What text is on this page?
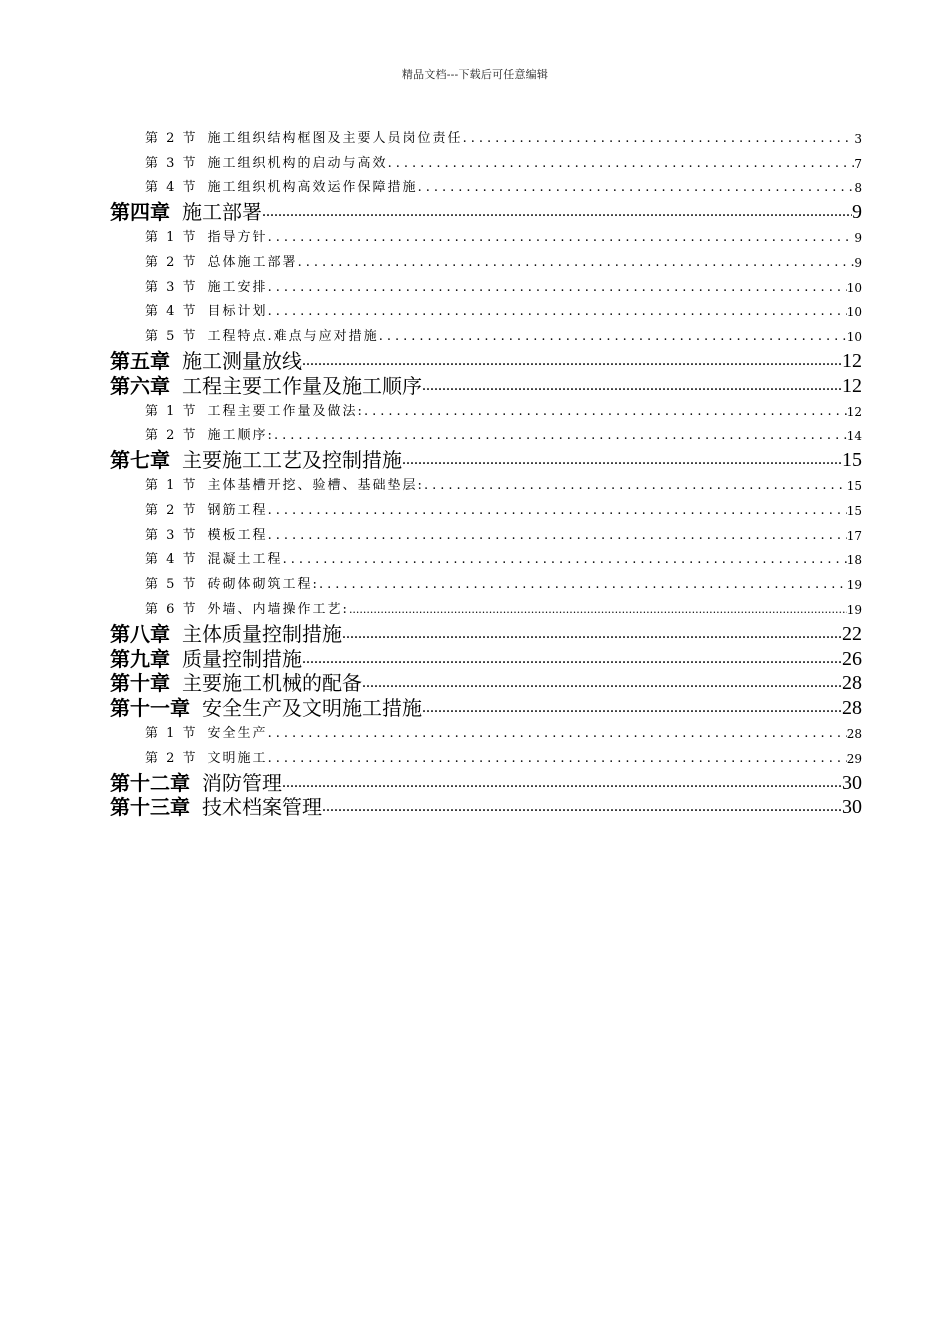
精品文档---下载后可任意编辑
第 2 节 施工组织结构框图及主要人员岗位责任 .....	3
第 3 节 施工组织机构的启动与高效 .....	7
第 4 节 施工组织机构高效运作保障措施 .....	8
第四章 施工部署 .....	9
第 1 节 指导方针 .....	9
第 2 节 总体施工部署 .....	9
第 3 节 施工安排 .....	10
第 4 节 目标计划 .....	10
第 5 节 工程特点.难点与应对措施 .....	10
第五章 施工测量放线 .....	12
第六章 工程主要工作量及施工顺序 .....	12
第 1 节 工程主要工作量及做法: .....	12
第 2 节 施工顺序: .....	14
第七章 主要施工工艺及控制措施 .....	15
第 1 节 主体基槽开挖、验槽、基础垫层: .....	15
第 2 节 钢筋工程 .....	15
第 3 节 模板工程 .....	17
第 4 节 混凝土工程 .....	18
第 5 节 砖砌体砌筑工程: .....	19
第 6 节 外墙、内墙操作工艺: .....	19
第八章 主体质量控制措施 .....	22
第九章 质量控制措施 .....	26
第十章 主要施工机械的配备 .....	28
第十一章 安全生产及文明施工措施 .....	28
第 1 节 安全生产 .....	28
第 2 节 文明施工 .....	29
第十二章 消防管理 .....	30
第十三章 技术档案管理 .....	30
